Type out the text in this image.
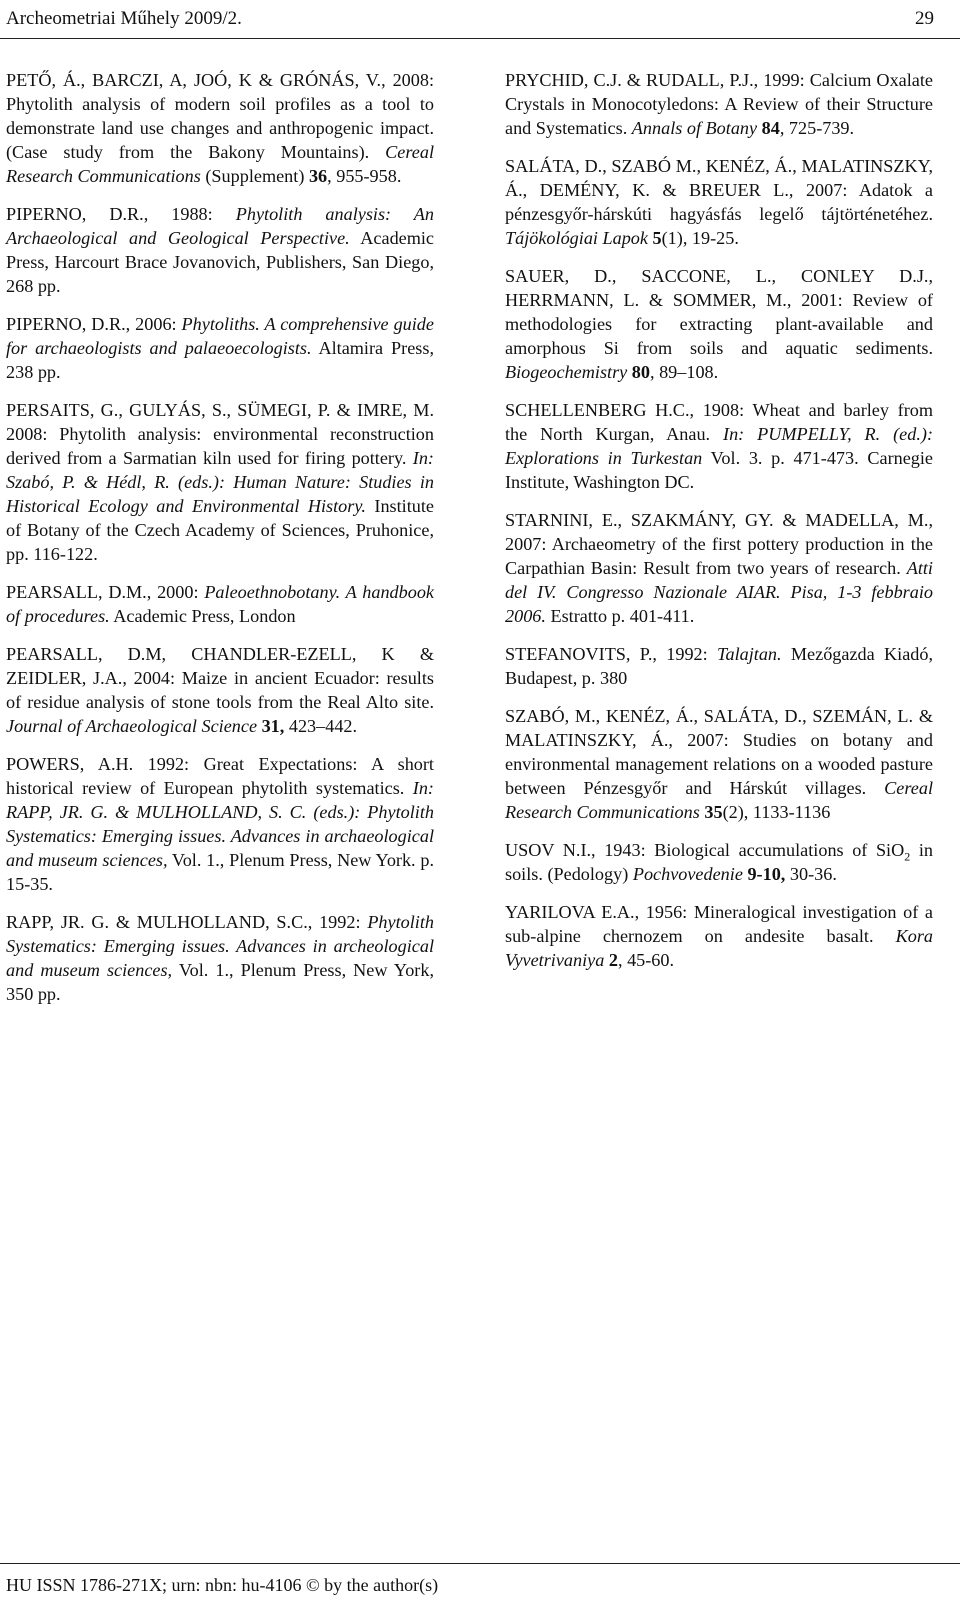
Archeometriai Műhely 2009/2.	29

PETŐ, Á., BARCZI, A, JOÓ, K & GRÓNÁS, V., 2008: Phytolith analysis of modern soil profiles as a tool to demonstrate land use changes and anthropogenic impact. (Case study from the Bakony Mountains). Cereal Research Communications (Supplement) 36, 955-958.

PIPERNO, D.R., 1988: Phytolith analysis: An Archaeological and Geological Perspective. Academic Press, Harcourt Brace Jovanovich, Publishers, San Diego, 268 pp.

PIPERNO, D.R., 2006: Phytoliths. A comprehensive guide for archaeologists and palaeoecologists. Altamira Press, 238 pp.

PERSAITS, G., GULYÁS, S., SÜMEGI, P. & IMRE, M. 2008: Phytolith analysis: environmental reconstruction derived from a Sarmatian kiln used for firing pottery. In: Szabó, P. & Hédl, R. (eds.): Human Nature: Studies in Historical Ecology and Environmental History. Institute of Botany of the Czech Academy of Sciences, Pruhonice, pp. 116-122.

PEARSALL, D.M., 2000: Paleoethnobotany. A handbook of procedures. Academic Press, London

PEARSALL, D.M, CHANDLER-EZELL, K & ZEIDLER, J.A., 2004: Maize in ancient Ecuador: results of residue analysis of stone tools from the Real Alto site. Journal of Archaeological Science 31, 423–442.

POWERS, A.H. 1992: Great Expectations: A short historical review of European phytolith systematics. In: RAPP, JR. G. & MULHOLLAND, S. C. (eds.): Phytolith Systematics: Emerging issues. Advances in archaeological and museum sciences, Vol. 1., Plenum Press, New York. p. 15-35.

RAPP, JR. G. & MULHOLLAND, S.C., 1992: Phytolith Systematics: Emerging issues. Advances in archeological and museum sciences, Vol. 1., Plenum Press, New York, 350 pp.

PRYCHID, C.J. & RUDALL, P.J., 1999: Calcium Oxalate Crystals in Monocotyledons: A Review of their Structure and Systematics. Annals of Botany 84, 725-739.

SALÁTA, D., SZABÓ M., KENÉZ, Á., MALATINSZKY, Á., DEMÉNY, K. & BREUER L., 2007: Adatok a pénzesgyőr-hárskúti hagyásfás legelő tájtörténetéhez. Tájökológiai Lapok 5(1), 19-25.

SAUER, D., SACCONE, L., CONLEY D.J., HERRMANN, L. & SOMMER, M., 2001: Review of methodologies for extracting plant-available and amorphous Si from soils and aquatic sediments. Biogeochemistry 80, 89–108.

SCHELLENBERG H.C., 1908: Wheat and barley from the North Kurgan, Anau. In: PUMPELLY, R. (ed.): Explorations in Turkestan Vol. 3. p. 471-473. Carnegie Institute, Washington DC.

STARNINI, E., SZAKMÁNY, GY. & MADELLA, M., 2007: Archaeometry of the first pottery production in the Carpathian Basin: Result from two years of research. Atti del IV. Congresso Nazionale AIAR. Pisa, 1-3 febbraio 2006. Estratto p. 401-411.

STEFANOVITS, P., 1992: Talajtan. Mezőgazda Kiadó, Budapest, p. 380

SZABÓ, M., KENÉZ, Á., SALÁTA, D., SZEMÁN, L. & MALATINSZKY, Á., 2007: Studies on botany and environmental management relations on a wooded pasture between Pénzesgyőr and Hárskút villages. Cereal Research Communications 35(2), 1133-1136

USOV N.I., 1943: Biological accumulations of SiO$_2$ in soils. (Pedology) Pochvovedenie 9-10, 30-36.

YARILOVA E.A., 1956: Mineralogical investigation of a sub-alpine chernozem on andesite basalt. Kora Vyvetrivaniya 2, 45-60.

HU ISSN 1786-271X; urn: nbn: hu-4106 © by the author(s)
